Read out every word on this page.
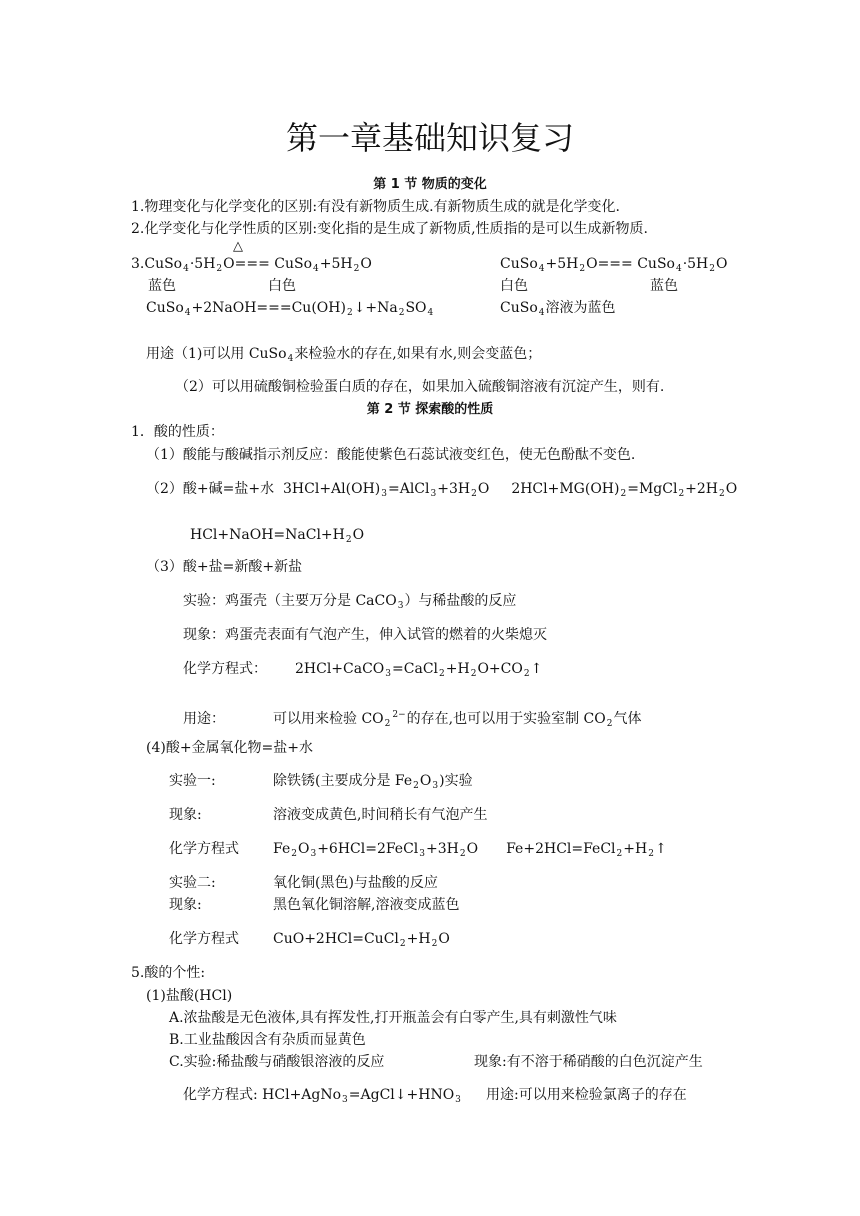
第一章基础知识复习
第 1 节 物质的变化
1.物理变化与化学变化的区别:有没有新物质生成.有新物质生成的就是化学变化.
2.化学变化与化学性质的区别:变化指的是生成了新物质,性质指的是可以生成新物质.
△
$3.CuSo_4\cdot 5H_2O===$ $CuSo_4+5H_2O$	$CuSo_4+5H_2O===$ $CuSo_4\cdot 5H_2O$
蓝色	白色	白色	蓝色
$CuSo_4+2NaOH===Cu(OH)_2↓+Na_2SO_4$	CuSo$_4$溶液为蓝色
用途（1)可以用 CuSo$_4$来检验水的存在,如果有水,则会变蓝色；
（2）可以用硫酸铜检验蛋白质的存在，如果加入硫酸铜溶液有沉淀产生，则有.
第 2 节 探索酸的性质
1．酸的性质：
（1）酸能与酸碱指示剂反应：酸能使紫色石蕊试液变红色，使无色酚酞不变色.
（2）酸+碱=盐+水 $3HCl+Al(OH)_3=AlCl_3+3H_2O$ $2HCl+MG(OH)_2=MgCl_2+2H_2O$
$HCl+NaOH=NaCl+H_2O$
（3）酸+盐=新酸+新盐
实验：鸡蛋壳（主要万分是 CaCO$_3$）与稀盐酸的反应
现象：鸡蛋壳表面有气泡产生，伸入试管的燃着的火柴熄灭
化学方程式： $2HCl+CaCO_3=CaCl_2+H_2O+CO_2↑$
用途：	可以用来检验 $CO_2^{2-}$的存在,也可以用于实验室制 $CO_2$气体
(4)酸+金属氧化物=盐+水
实验一:	除铁锈(主要成分是 $Fe_2O_3$)实验
现象:	溶液变成黄色,时间稍长有气泡产生
化学方程式 $Fe_2O_3+6HCl=2FeCl_3+3H_2O$ $Fe+2HCl=FeCl_2+H_2↑$
实验二:	氧化铜(黑色)与盐酸的反应
现象:	黑色氧化铜溶解,溶液变成蓝色
化学方程式 $CuO+2HCl=CuCl_2+H_2O$
5.酸的个性:
(1)盐酸(HCl)
A.浓盐酸是无色液体,具有挥发性,打开瓶盖会有白零产生,具有刺激性气味
B.工业盐酸因含有杂质而显黄色
C.实验:稀盐酸与硝酸银溶液的反应	现象:有不溶于稀硝酸的白色沉淀产生
化学方程式: $HCl+AgNo_3=AgCl↓+HNO_3$ 用途:可以用来检验氯离子的存在
